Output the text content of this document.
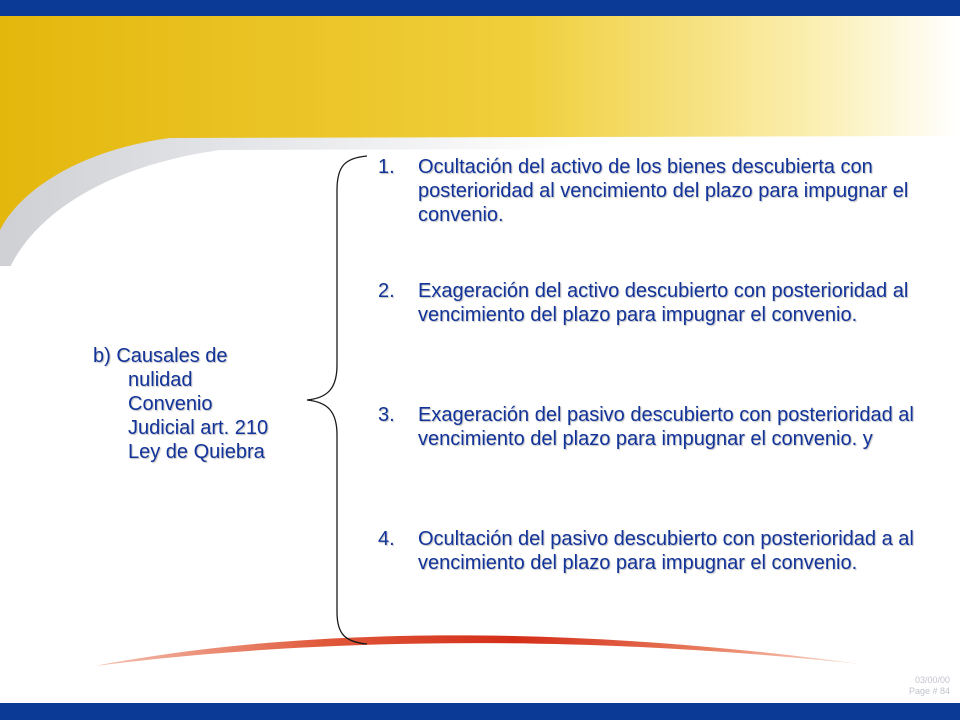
b) Causales de
nulidad
Convenio
Judicial art. 210
Ley de Quiebra
1.	Ocultación del activo de los bienes descubierta con posterioridad al vencimiento del plazo para impugnar el convenio.
2.	Exageración del activo descubierto con posterioridad al vencimiento del plazo para impugnar el convenio.
3.	Exageración del pasivo descubierto con posterioridad al vencimiento del plazo para impugnar el convenio. y
4.	Ocultación del pasivo descubierto con posterioridad a al vencimiento del plazo para impugnar el convenio.
03/00/00
Page # 84
